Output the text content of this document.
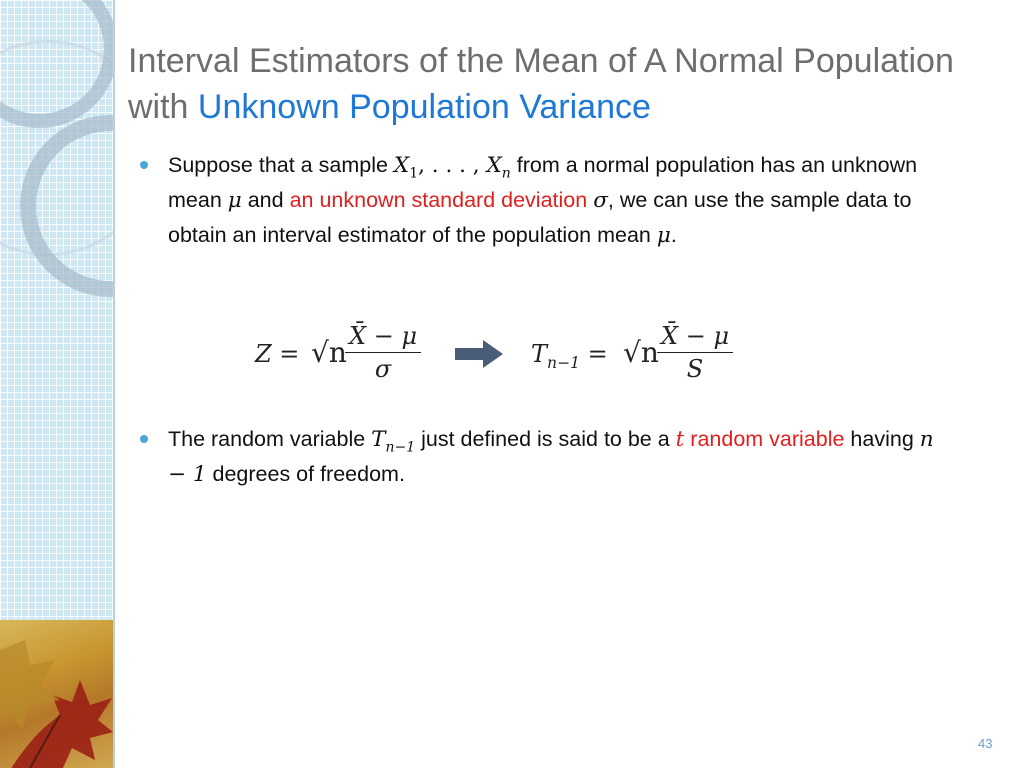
Interval Estimators of the Mean of A Normal Population with Unknown Population Variance
Suppose that a sample $X_1$, . . . , $X_n$ from a normal population has an unknown mean μ and an unknown standard deviation σ, we can use the sample data to obtain an interval estimator of the population mean μ.
Z = √n
$\frac{X̄ - \mu}{\sigma}$	$T_{n-1} = √n$
$\frac{X̄ - \mu}{S}$
The random variable $T_{n-1}$ just defined is said to be a t random variable having n − 1 degrees of freedom.
43
